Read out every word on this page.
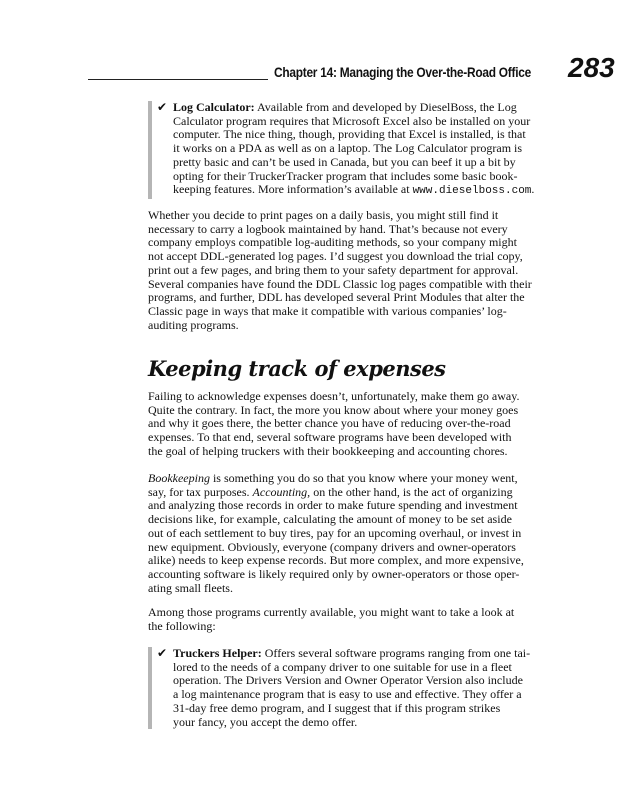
Chapter 14: Managing the Over-the-Road Office 283
✔ Log Calculator: Available from and developed by DieselBoss, the Log
Calculator program requires that Microsoft Excel also be installed on your
computer. The nice thing, though, providing that Excel is installed, is that
it works on a PDA as well as on a laptop. The Log Calculator program is
pretty basic and can’t be used in Canada, but you can beef it up a bit by
opting for their TruckerTracker program that includes some basic book-
keeping features. More information’s available at www.dieselboss.com.
Whether you decide to print pages on a daily basis, you might still find it
necessary to carry a logbook maintained by hand. That’s because not every
company employs compatible log-auditing methods, so your company might
not accept DDL-generated log pages. I’d suggest you download the trial copy,
print out a few pages, and bring them to your safety department for approval.
Several companies have found the DDL Classic log pages compatible with their
programs, and further, DDL has developed several Print Modules that alter the
Classic page in ways that make it compatible with various companies’ log-
auditing programs.
Keeping track of expenses
Failing to acknowledge expenses doesn’t, unfortunately, make them go away.
Quite the contrary. In fact, the more you know about where your money goes
and why it goes there, the better chance you have of reducing over-the-road
expenses. To that end, several software programs have been developed with
the goal of helping truckers with their bookkeeping and accounting chores.
Bookkeeping is something you do so that you know where your money went,
say, for tax purposes. Accounting, on the other hand, is the act of organizing
and analyzing those records in order to make future spending and investment
decisions like, for example, calculating the amount of money to be set aside
out of each settlement to buy tires, pay for an upcoming overhaul, or invest in
new equipment. Obviously, everyone (company drivers and owner-operators
alike) needs to keep expense records. But more complex, and more expensive,
accounting software is likely required only by owner-operators or those oper-
ating small fleets.
Among those programs currently available, you might want to take a look at
the following:
✔ Truckers Helper: Offers several software programs ranging from one tai-
lored to the needs of a company driver to one suitable for use in a fleet
operation. The Drivers Version and Owner Operator Version also include
a log maintenance program that is easy to use and effective. They offer a
31-day free demo program, and I suggest that if this program strikes
your fancy, you accept the demo offer.
